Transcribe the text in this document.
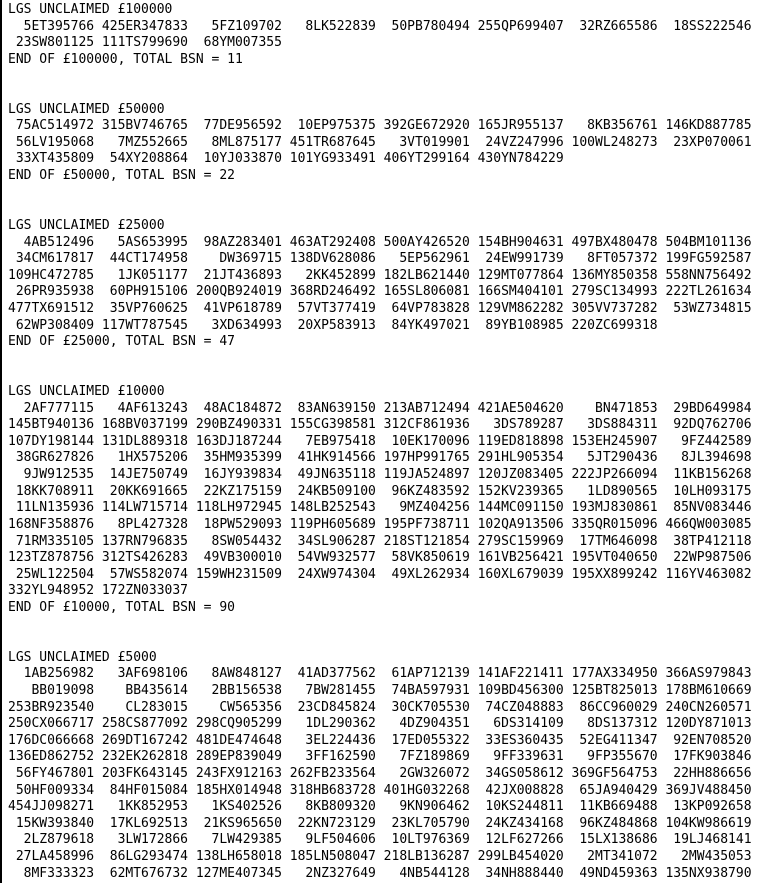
LGS UNCLAIMED £100000
5ET395766 425ER347833   5FZ109702   8LK522839  50PB780494 255QP699407  32RZ665586  18SS222546
23SW801125 111TS799690  68YM007355
END OF £100000, TOTAL BSN = 11

LGS UNCLAIMED £50000
75AC514972 315BV746765  77DE956592  10EP975375 392GE672920 165JR955137   8KB356761 146KD887785
56LV195068   7MZ552665   8ML875177 451TR687645   3VT019901  24VZ247996 100WL248273  23XP070061
33XT435809  54XY208864  10YJ033870 101YG933491 406YT299164 430YN784229
END OF £50000, TOTAL BSN = 22

LGS UNCLAIMED £25000
4AB512496   5AS653995  98AZ283401 463AT292408 500AY426520 154BH904631 497BX480478 504BM101136
34CM617817  44CT174958    DW369715 138DV628086   5EP562961  24EW991739   8FT057372 199FG592587
109HC472785   1JK051177  21JT436893   2KK452899 182LB621440 129MT077864 136MY850358 558NN756492
26PR935938  60PH915106 200QB924019 368RD246492 165SL806081 166SM404101 279SC134993 222TL261634
477TX691512  35VP760625  41VP618789  57VT377419  64VP783828 129VM862282 305VV737282  53WZ734815
62WP308409 117WT787545   3XD634993  20XP583913  84YK497021  89YB108985 220ZC699318
END OF £25000, TOTAL BSN = 47

LGS UNCLAIMED £10000
2AF777115   4AF613243  48AC184872  83AN639150 213AB712494 421AE504620    BN471853  29BD649984
145BT940136 168BV037199 290BZ490331 155CG398581 312CF861936   3DS789287   3DS884311  92DQ762706
107DY198144 131DL889318 163DJ187244   7EB975418  10EK170096 119ED818898 153EH245907   9FZ442589
38GR627826   1HX575206  35HM935399  41HK914566 197HP991765 291HL905354   5JT290436   8JL394698
9JW912535  14JE750749  16JY939834  49JN635118 119JA524897 120JZ083405 222JP266094  11KB156268
18KK708911  20KK691665  22KZ175159  24KB509100  96KZ483592 152KV239365   1LD890565  10LH093175
11LN135936 114LW715714 118LH972945 148LB252543   9MZ404256 144MC091150 193MJ830861  85NV083446
168NF358876   8PL427328  18PW529093 119PH605689 195PF738711 102QA913506 335QR015096 466QW003085
71RM335105 137RN796835   8SW054432  34SL906287 218ST121854 279SC159969  17TM646098  38TP412118
123TZ878756 312TS426283  49VB300010  54VW932577  58VK850619 161VB256421 195VT040650  22WP987506
25WL122504  57WS582074 159WH231509  24XW974304  49XL262934 160XL679039 195XX899242 116YV463082
332YL948952 172ZN033037
END OF £10000, TOTAL BSN = 90

LGS UNCLAIMED £5000
1AB256982   3AF698106   8AW848127  41AD377562  61AP712139 141AF221411 177AX334950 366AS979843
BB019098    BB435614   2BB156538   7BW281455  74BA597931 109BD456300 125BT825013 178BM610669
253BR923540    CL283015    CW565356  23CD845824  30CK705530  74CZ048883  86CC960029 240CN260571
250CX066717 258CS877092 298CQ905299   1DL290362   4DZ904351   6DS314109   8DS137312 120DY871013
176DC066668 269DT167242 481DE474648   3EL224436  17ED055322  33ES360435  52EG411347  92EN708520
136ED862752 232EK262818 289EP839049   3FF162590   7FZ189869   9FF339631   9FP355670  17FK903846
56FY467801 203FK643145 243FX912163 262FB233564   2GW326072  34GS058612 369GF564753  22HH886656
50HF009334  84HF015084 185HX014948 318HB683728 401HG032268  42JX008828  65JA940429 369JV488450
454JJ098271   1KK852953   1KS402526   8KB809320   9KN906462  10KS244811  11KB669488  13KP092658
15KW393840  17KL692513  21KS965650  22KN723129  23KL705790  24KZ434168  96KZ484868 104KW986619
2LZ879618   3LW172866   7LW429385   9LF504606  10LT976369  12LF627266  15LX138686  19LJ468141
27LA458996  86LG293474 138LH658018 185LN508047 218LB136287 299LB454020   2MT341072   2MW435053
8MF333323  62MT676732 127ME407345   2NZ327649   4NB544128  34NH888440  49ND459363 135NX938790
